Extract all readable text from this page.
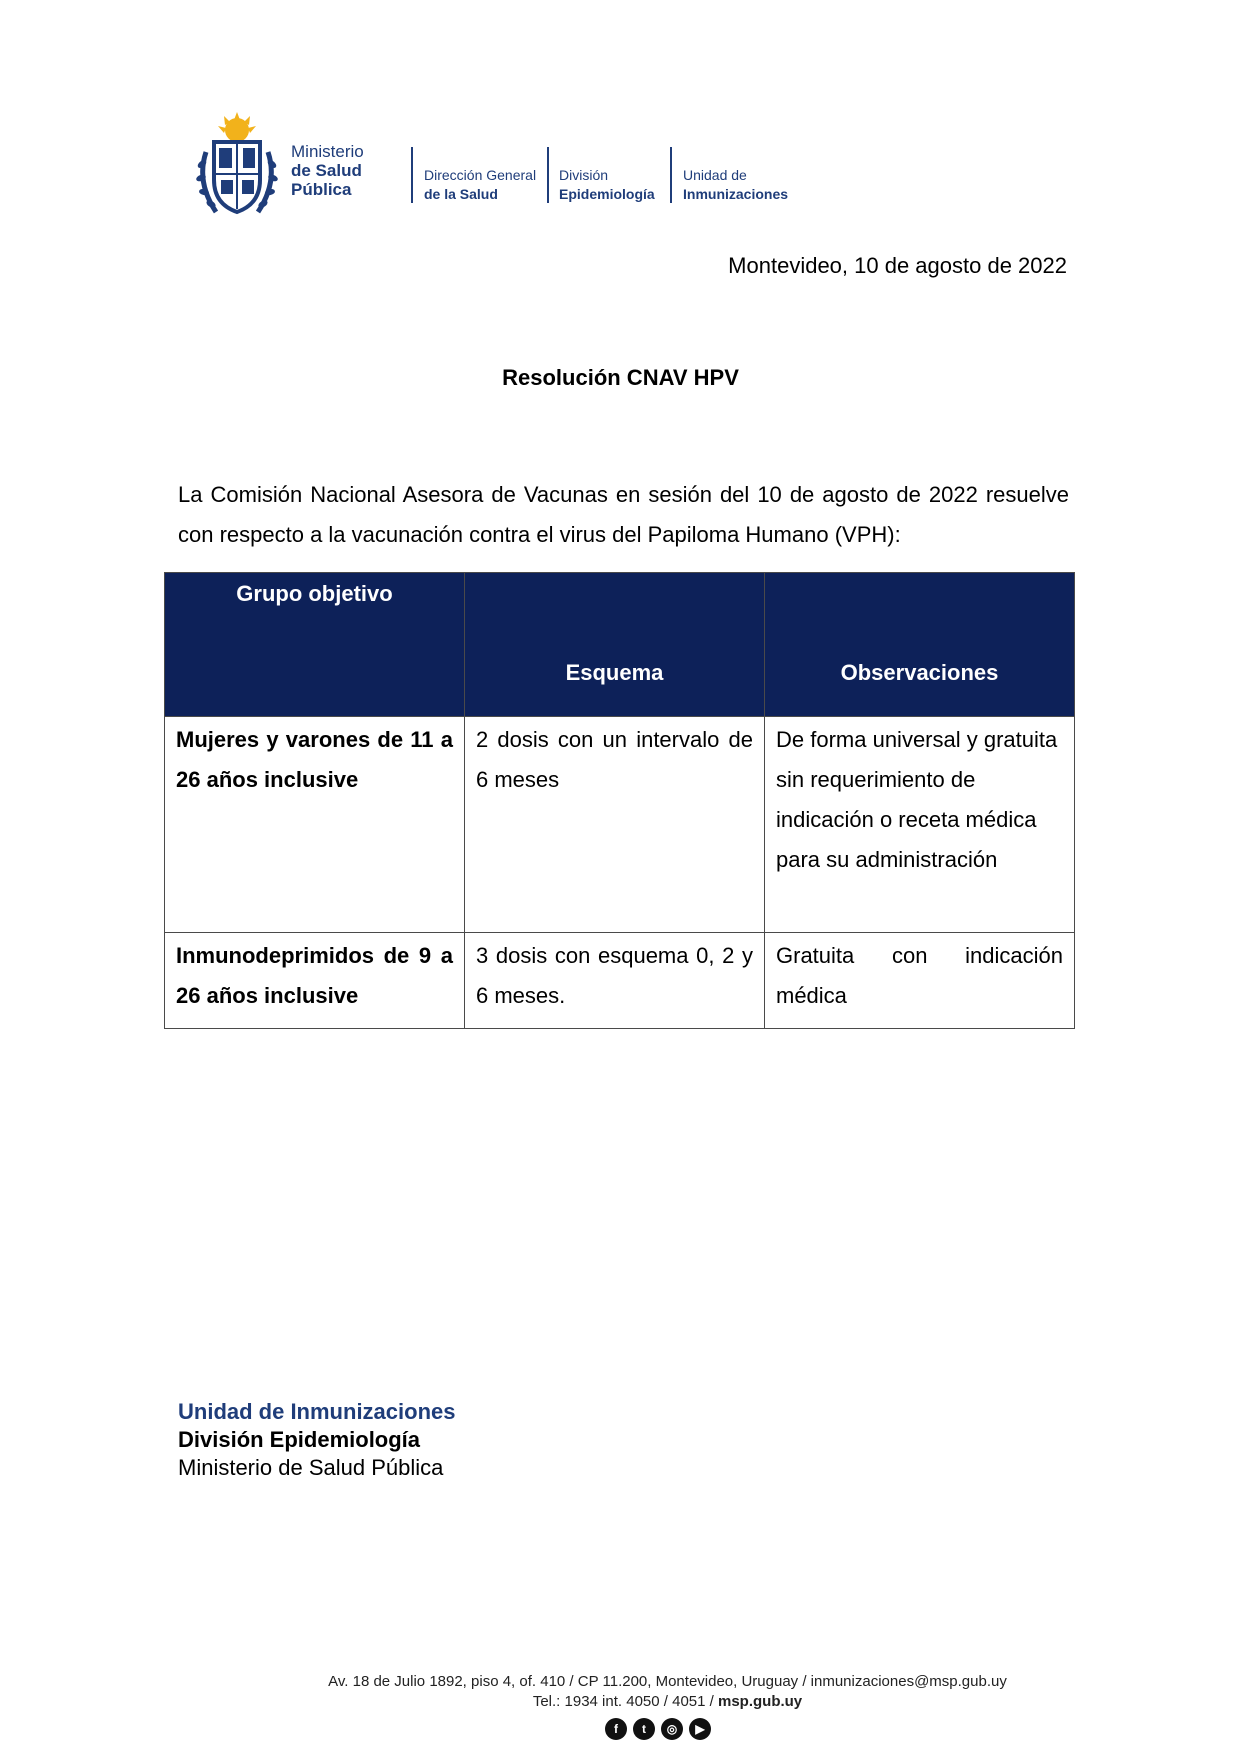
Ministerio
de Salud
Pública
Dirección General
de la Salud
División
Epidemiología
Unidad de
Inmunizaciones
Montevideo, 10 de agosto de 2022
Resolución CNAV HPV
La Comisión Nacional Asesora de Vacunas en sesión del 10 de agosto de 2022 resuelve con respecto a la vacunación contra el virus del Papiloma Humano (VPH):
Grupo objetivo	Esquema	Observaciones
Mujeres y varones de 11 a 26 años inclusive	2 dosis con un intervalo de 6 meses	De forma universal y gratuita sin requerimiento de indicación o receta médica para su administración
Inmunodeprimidos de 9 a 26 años inclusive	3 dosis con esquema 0, 2 y 6 meses.	Gratuita con indicación médica
Unidad de Inmunizaciones
División Epidemiología
Ministerio de Salud Pública
Av. 18 de Julio 1892, piso 4, of. 410 / CP 11.200, Montevideo, Uruguay / inmunizaciones@msp.gub.uy
Tel.: 1934 int. 4050 / 4051 / msp.gub.uy
f	t	◎	▶
